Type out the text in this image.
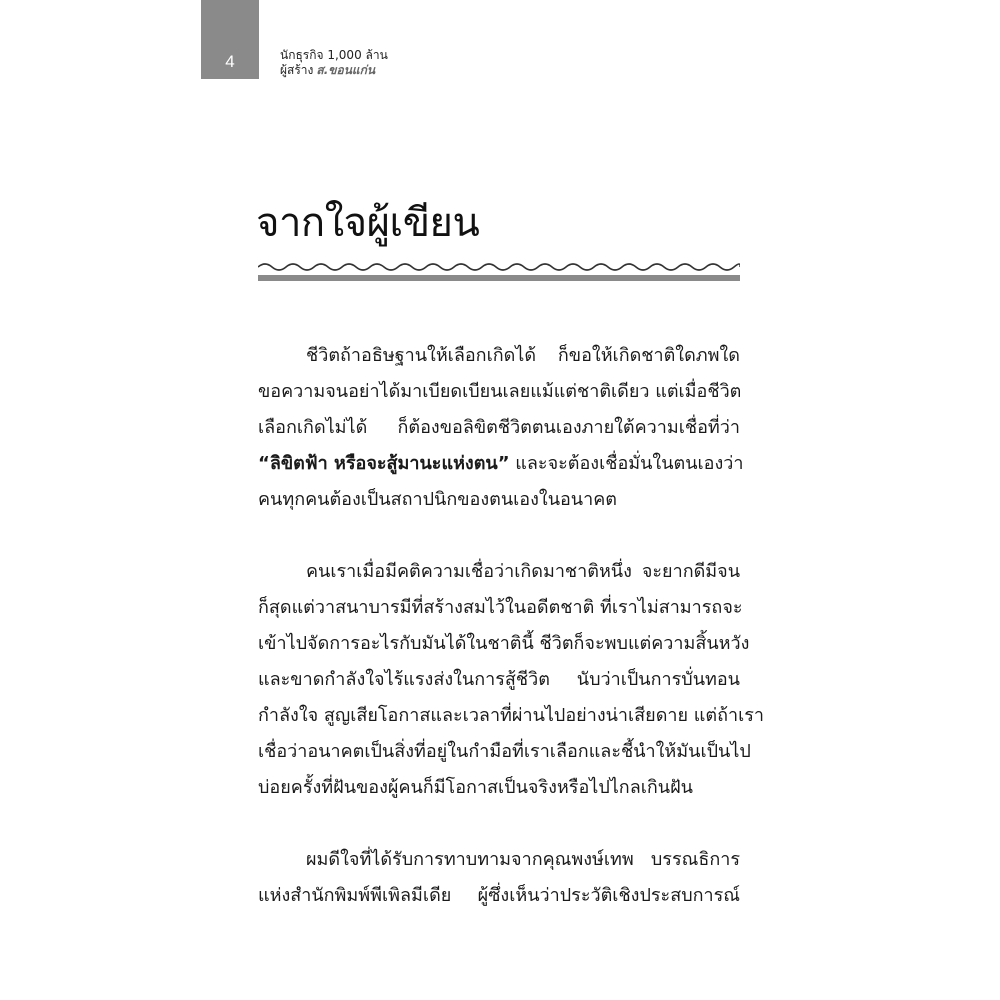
4	นักธุรกิจ 1,000 ล้าน
ผู้สร้าง ส.ขอนแก่น
จากใจผู้เขียน
ชีวิตถ้าอธิษฐานให้เลือกเกิดได้ ก็ขอให้เกิดชาติใดภพใด
ขอความจนอย่าได้มาเบียดเบียนเลยแม้แต่ชาติเดียว แต่เมื่อชีวิต
เลือกเกิดไม่ได้ ก็ต้องขอลิขิตชีวิตตนเองภายใต้ความเชื่อที่ว่า
“ลิขิตฟ้า หรือจะสู้มานะแห่งตน” และจะต้องเชื่อมั่นในตนเองว่า
คนทุกคนต้องเป็นสถาปนิกของตนเองในอนาคต
คนเราเมื่อมีคติความเชื่อว่าเกิดมาชาติหนึ่ง จะยากดีมีจน
ก็สุดแต่วาสนาบารมีที่สร้างสมไว้ในอดีตชาติ ที่เราไม่สามารถจะ
เข้าไปจัดการอะไรกับมันได้ในชาตินี้ ชีวิตก็จะพบแต่ความสิ้นหวัง
และขาดกำลังใจไร้แรงส่งในการสู้ชีวิต นับว่าเป็นการบั่นทอน
กำลังใจ สูญเสียโอกาสและเวลาที่ผ่านไปอย่างน่าเสียดาย แต่ถ้าเรา
เชื่อว่าอนาคตเป็นสิ่งที่อยู่ในกำมือที่เราเลือกและชี้นำให้มันเป็นไป
บ่อยครั้งที่ฝันของผู้คนก็มีโอกาสเป็นจริงหรือไปไกลเกินฝัน
ผมดีใจที่ได้รับการทาบทามจากคุณพงษ์เทพ บรรณธิการ
แห่งสำนักพิมพ์พีเพิลมีเดีย ผู้ซึ่งเห็นว่าประวัติเชิงประสบการณ์
